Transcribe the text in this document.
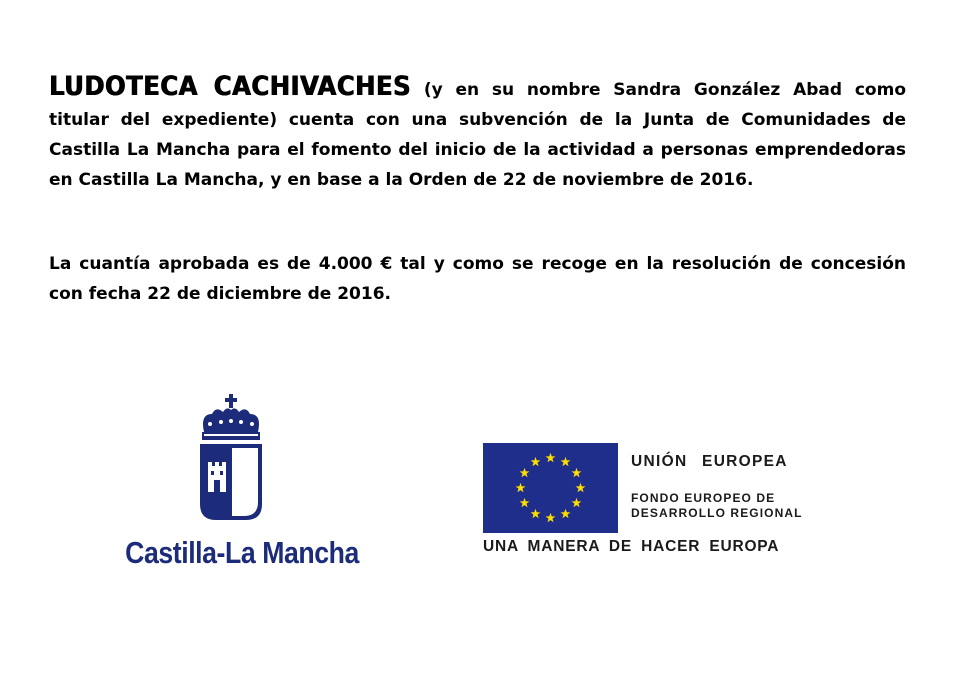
LUDOTECA CACHIVACHES (y en su nombre Sandra González Abad como titular del expediente) cuenta con una subvención de la Junta de Comunidades de Castilla La Mancha para el fomento del inicio de la actividad a personas emprendedoras en Castilla La Mancha, y en base a la Orden de 22 de noviembre de 2016.

La cuantía aprobada es de 4.000 € tal y como se recoge en la resolución de concesión con fecha 22 de diciembre de 2016.

Castilla-La Mancha
UNIÓN EUROPEA
FONDO EUROPEO DE
DESARROLLO REGIONAL
UNA MANERA DE HACER EUROPA
